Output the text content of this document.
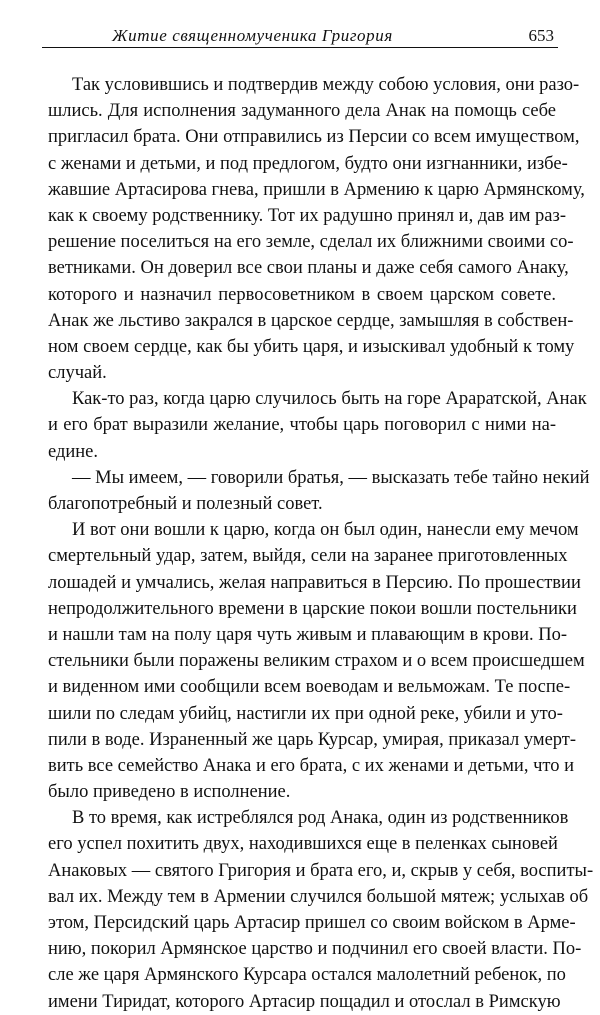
Житие священномученика Григория	653
Так условившись и подтвердив между собою условия, они разо-
шлись. Для исполнения задуманного дела Анак на помощь себе
пригласил брата. Они отправились из Персии со всем имуществом,
с женами и детьми, и под предлогом, будто они изгнанники, избе-
жавшие Артасирова гнева, пришли в Армению к царю Армянскому,
как к своему родственнику. Тот их радушно принял и, дав им раз-
решение поселиться на его земле, сделал их ближними своими со-
ветниками. Он доверил все свои планы и даже себя самого Анаку,
которого и назначил первосоветником в своем царском совете.
Анак же льстиво закрался в царское сердце, замышляя в собствен-
ном своем сердце, как бы убить царя, и изыскивал удобный к тому
случай.
Как-то раз, когда царю случилось быть на горе Араратской, Анак
и его брат выразили желание, чтобы царь поговорил с ними на-
едине.
— Мы имеем, — говорили братья, — высказать тебе тайно некий
благопотребный и полезный совет.
И вот они вошли к царю, когда он был один, нанесли ему мечом
смертельный удар, затем, выйдя, сели на заранее приготовленных
лошадей и умчались, желая направиться в Персию. По прошествии
непродолжительного времени в царские покои вошли постельники
и нашли там на полу царя чуть живым и плавающим в крови. По-
стельники были поражены великим страхом и о всем происшедшем
и виденном ими сообщили всем воеводам и вельможам. Те поспе-
шили по следам убийц, настигли их при одной реке, убили и уто-
пили в воде. Израненный же царь Курсар, умирая, приказал умерт-
вить все семейство Анака и его брата, с их женами и детьми, что и
было приведено в исполнение.
В то время, как истреблялся род Анака, один из родственников
его успел похитить двух, находившихся еще в пеленках сыновей
Анаковых — святого Григория и брата его, и, скрыв у себя, воспиты-
вал их. Между тем в Армении случился большой мятеж; услыхав об
этом, Персидский царь Артасир пришел со своим войском в Арме-
нию, покорил Армянское царство и подчинил его своей власти. По-
сле же царя Армянского Курсара остался малолетний ребенок, по
имени Тиридат, которого Артасир пощадил и отослал в Римскую
